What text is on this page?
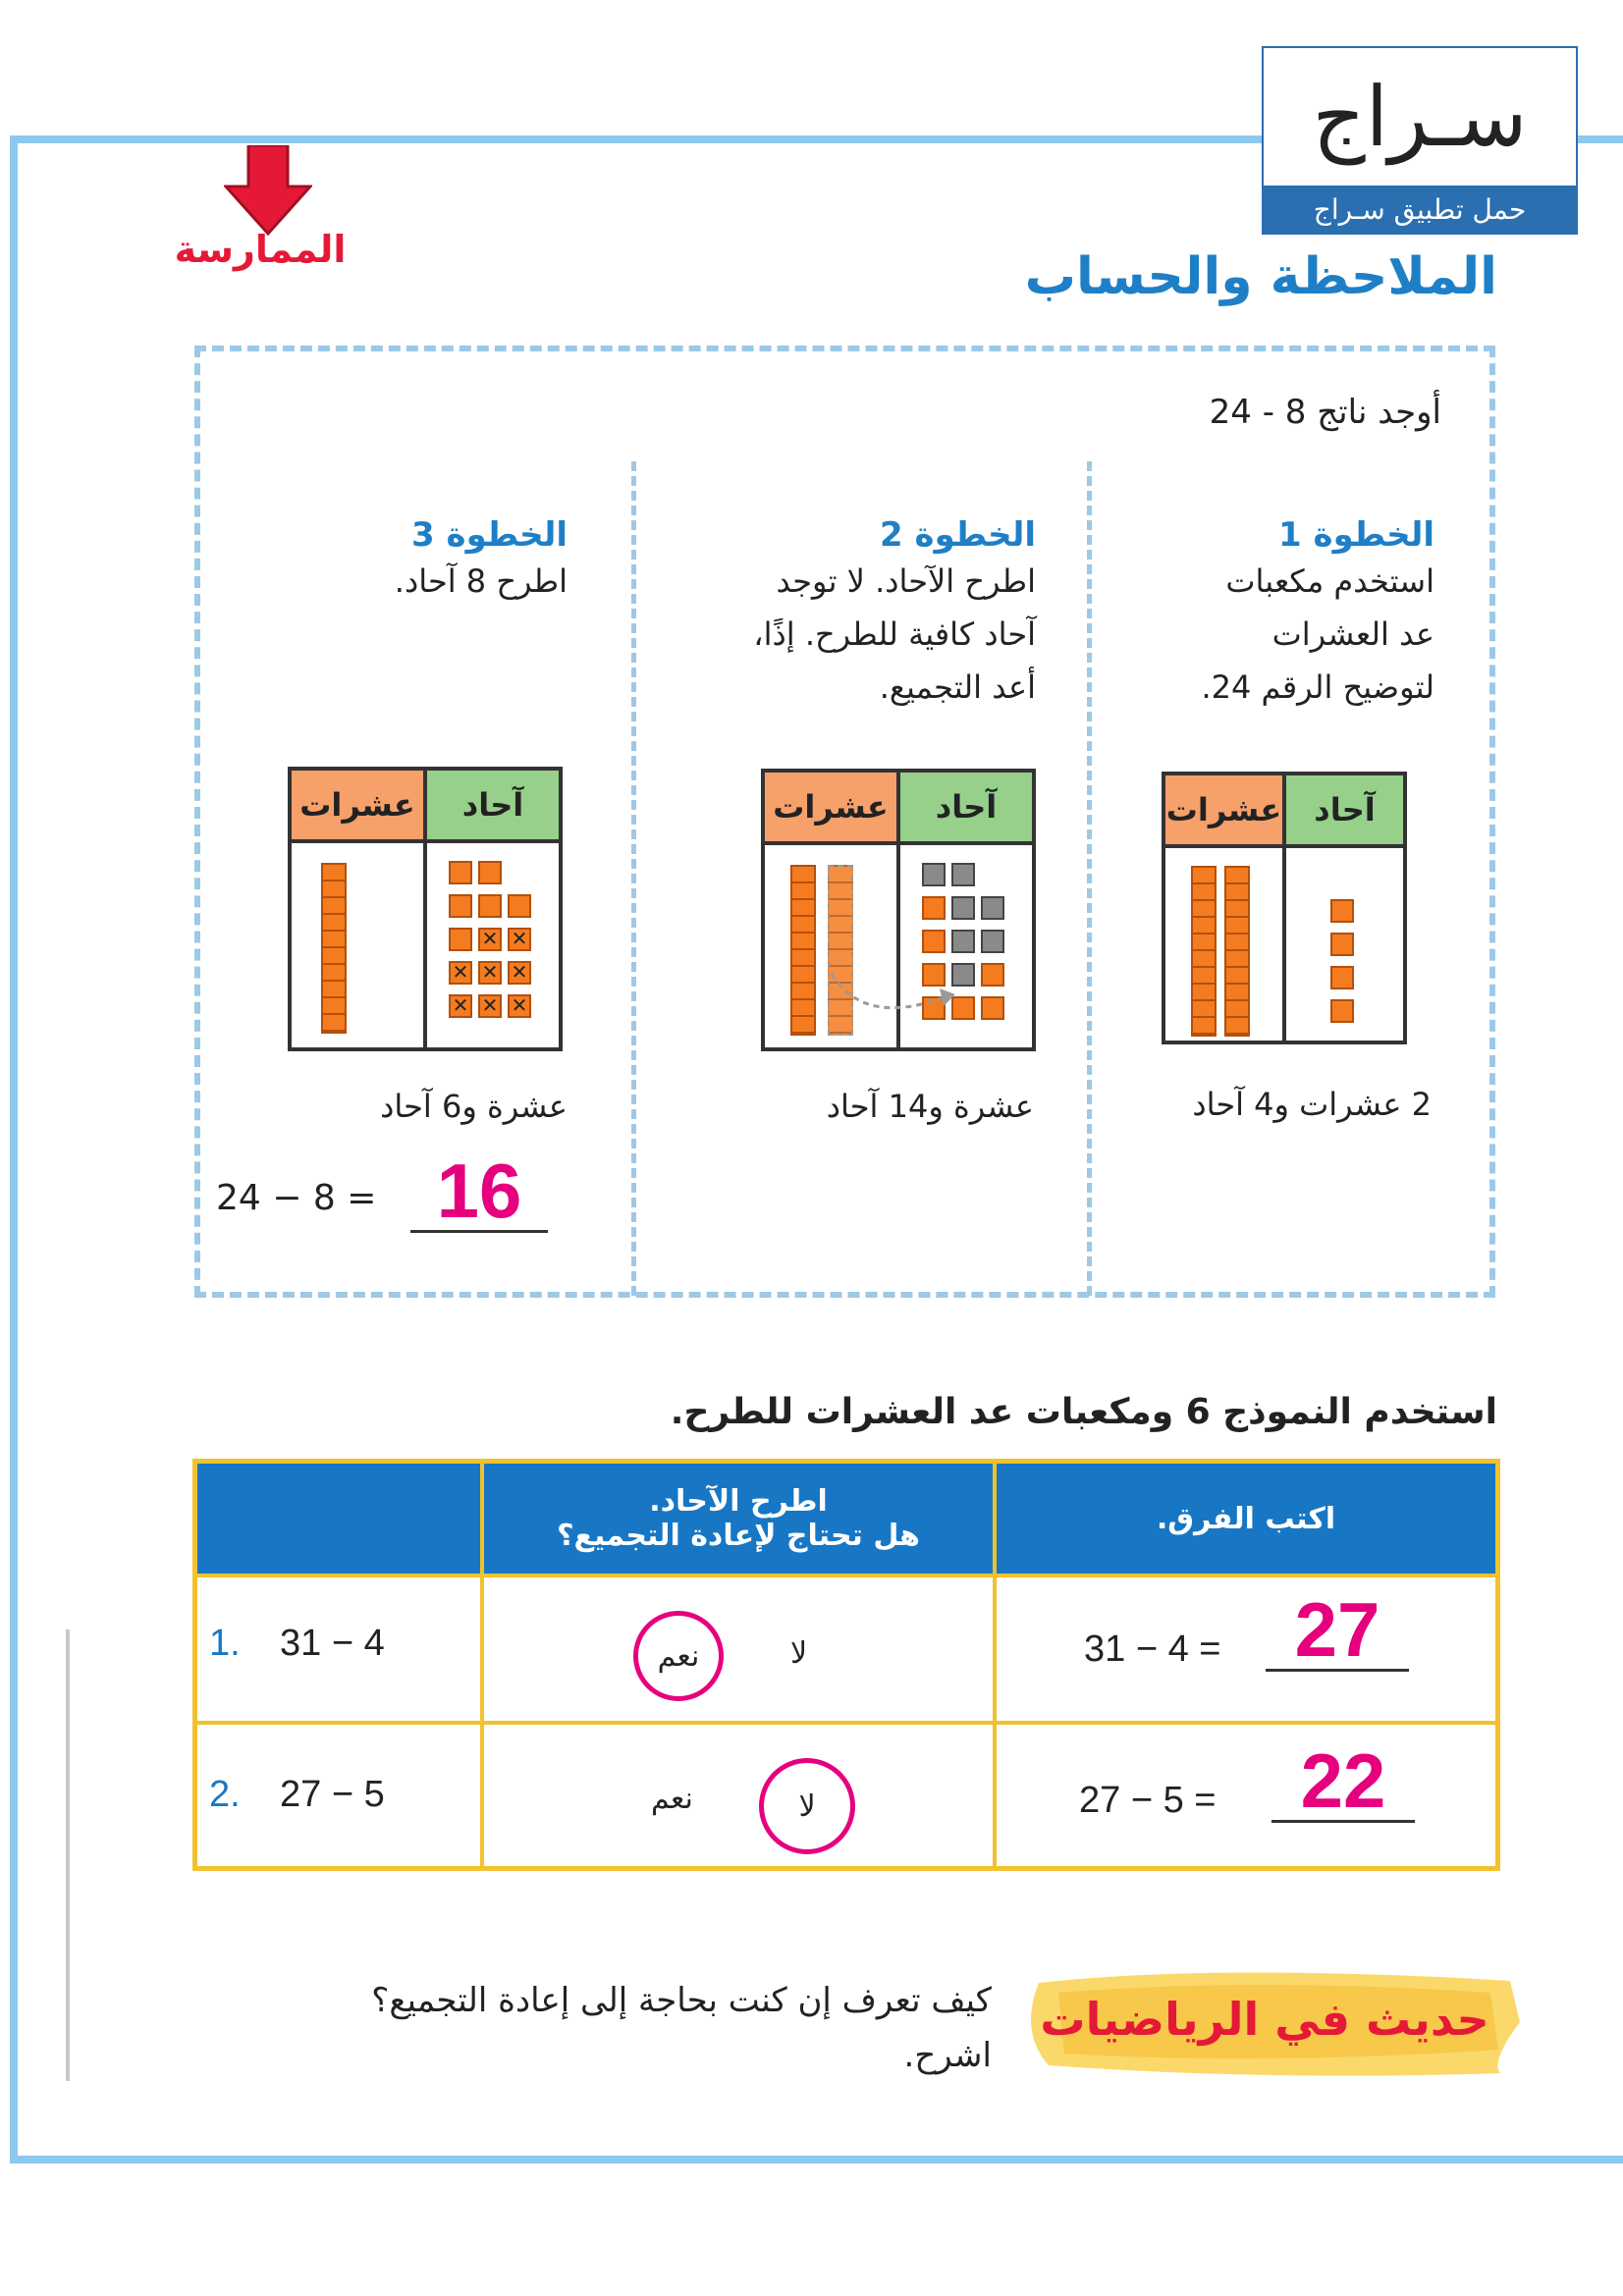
سـراج
حمل تطبيق سـراج
الممارسة	الملاحظة والحساب
أوجد ناتج 8 - 24
الخطوة 1
استخدم مكعبات
عد العشرات
لتوضيح الرقم 24.
عشرات	آحاد
2 عشرات و4 آحاد
الخطوة 2
اطرح الآحاد. لا توجد
آحاد كافية للطرح. إذًا،
أعد التجميع.
عشرات	آحاد
عشرة و14 آحاد
الخطوة 3
اطرح 8 آحاد.
عشرات	آحاد
✕ ✕
✕ ✕ ✕
✕ ✕ ✕
عشرة و6 آحاد
24 − 8 = 16
استخدم النموذج 6 ومكعبات عد العشرات للطرح.
اطرح الآحاد.
هل تحتاج لإعادة التجميع؟	اكتب الفرق.
1. 31 − 4	نعم	لا	31 − 4 = 27
2. 27 − 5	نعم	لا	27 − 5 =	22
حديث في الرياضيات
كيف تعرف إن كنت بحاجة إلى إعادة التجميع؟ اشرح.
